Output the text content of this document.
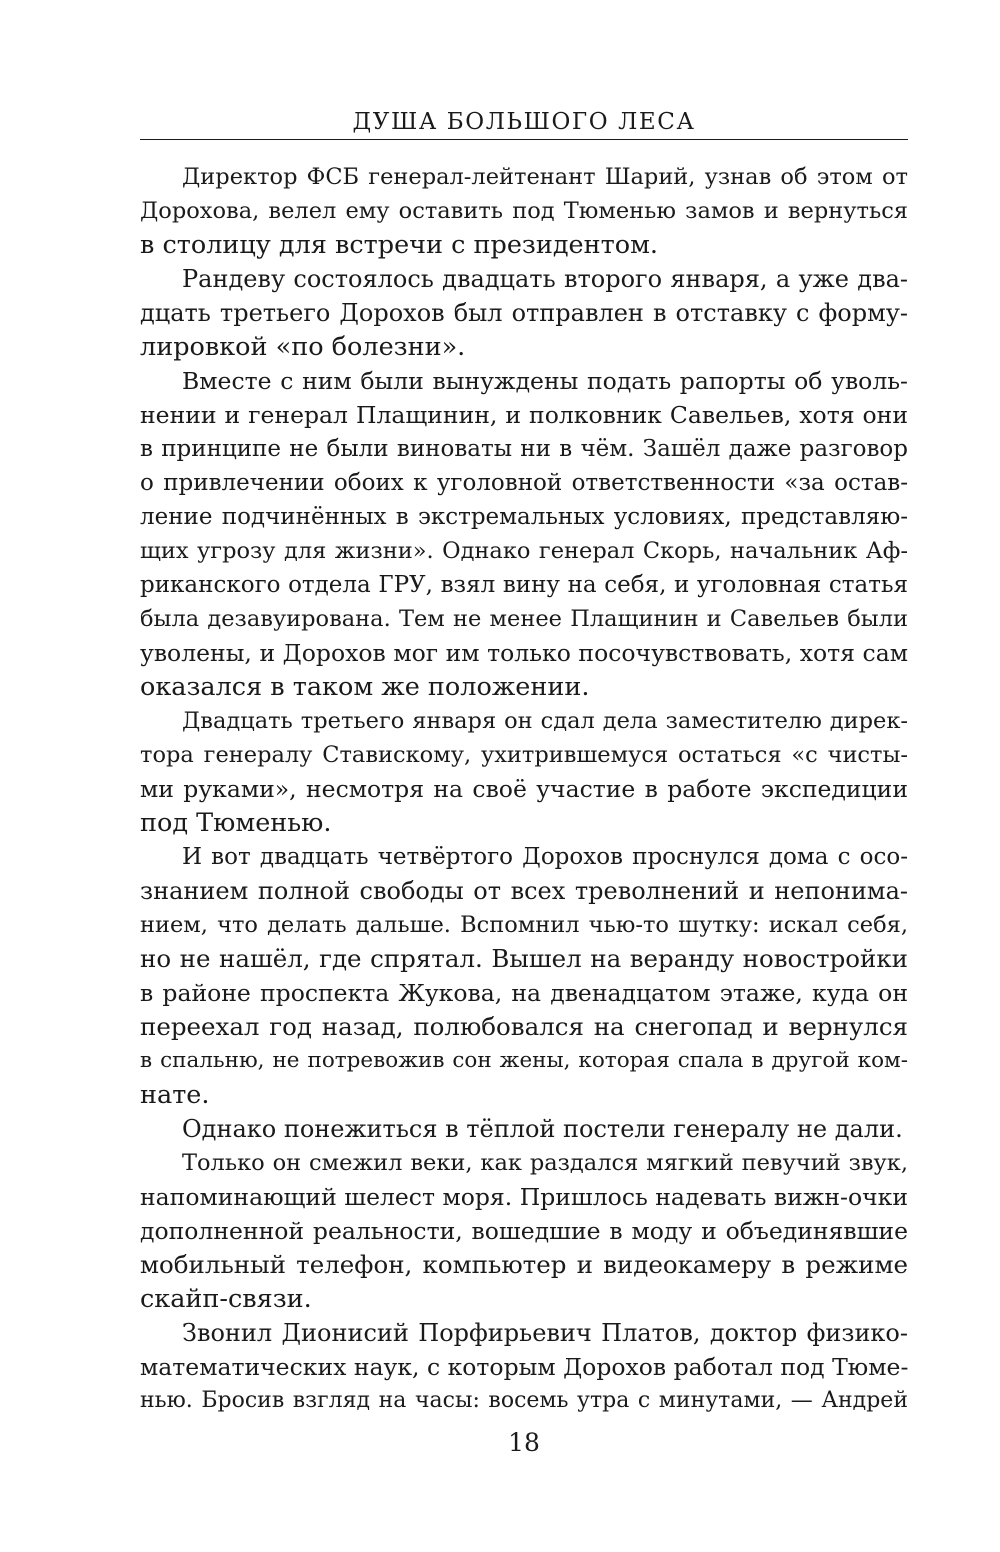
ДУША БОЛЬШОГО ЛЕСА
Директор ФСБ генерал-лейтенант Шарий, узнав об этом от
Дорохова, велел ему оставить под Тюменью замов и вернуться
в столицу для встречи с президентом.
Рандеву состоялось двадцать второго января, а уже два-
дцать третьего Дорохов был отправлен в отставку с форму-
лировкой «по болезни».
Вместе с ним были вынуждены подать рапорты об уволь-
нении и генерал Плащинин, и полковник Савельев, хотя они
в принципе не были виноваты ни в чём. Зашёл даже разговор
о привлечении обоих к уголовной ответственности «за остав-
ление подчинённых в экстремальных условиях, представляю-
щих угрозу для жизни». Однако генерал Скорь, начальник Аф-
риканского отдела ГРУ, взял вину на себя, и уголовная статья
была дезавуирована. Тем не менее Плащинин и Савельев были
уволены, и Дорохов мог им только посочувствовать, хотя сам
оказался в таком же положении.
Двадцать третьего января он сдал дела заместителю дирек-
тора генералу Ставискому, ухитрившемуся остаться «с чисты-
ми руками», несмотря на своё участие в работе экспедиции
под Тюменью.
И вот двадцать четвёртого Дорохов проснулся дома с осо-
знанием полной свободы от всех треволнений и непонима-
нием, что делать дальше. Вспомнил чью-то шутку: искал себя,
но не нашёл, где спрятал. Вышел на веранду новостройки
в районе проспекта Жукова, на двенадцатом этаже, куда он
переехал год назад, полюбовался на снегопад и вернулся
в спальню, не потревожив сон жены, которая спала в другой ком-
нате.
Однако понежиться в тёплой постели генералу не дали.
Только он смежил веки, как раздался мягкий певучий звук,
напоминающий шелест моря. Пришлось надевать вижн-очки
дополненной реальности, вошедшие в моду и объединявшие
мобильный телефон, компьютер и видеокамеру в режиме
скайп-связи.
Звонил Дионисий Порфирьевич Платов, доктор физико-
математических наук, с которым Дорохов работал под Тюме-
нью. Бросив взгляд на часы: восемь утра с минутами, — Андрей
18
